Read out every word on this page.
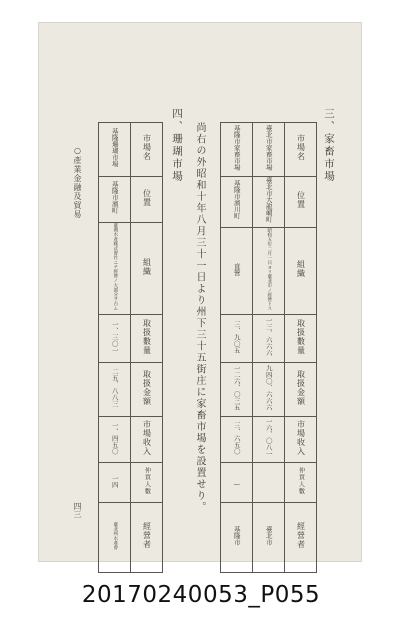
三、家畜市場
基隆市家畜市場	臺北市家畜市場	市場名
基隆市濱川町	臺北市大龍峒町	位置
直營	昭和五年二月一日ヨリ臺北市ノ經營トス	組織
三、九〇五	一三、六六六	取扱數量
一二六、〇三五	九四〇、六六六	取扱金額
三、六五〇	一六、〇八一	市場收入
—		仲買人數
基隆市	臺北市	經營者
尚右の外昭和十年八月三十一日より州下三十五街庄に家畜市場を設置せり。
四、珊瑚市場
基隆珊瑚市場	市場名
基隆市濱町	位置
臺灣水產株式會社ニテ經營ノ大部分ヲ占ム	組織
一、三〇一	取扱數量
二五、八八三	取扱金額
一、四五〇	市場收入
一四	仲買人數
臺北州水產會	經營者
○產業金融及貿易
四三
20170240053_P055
